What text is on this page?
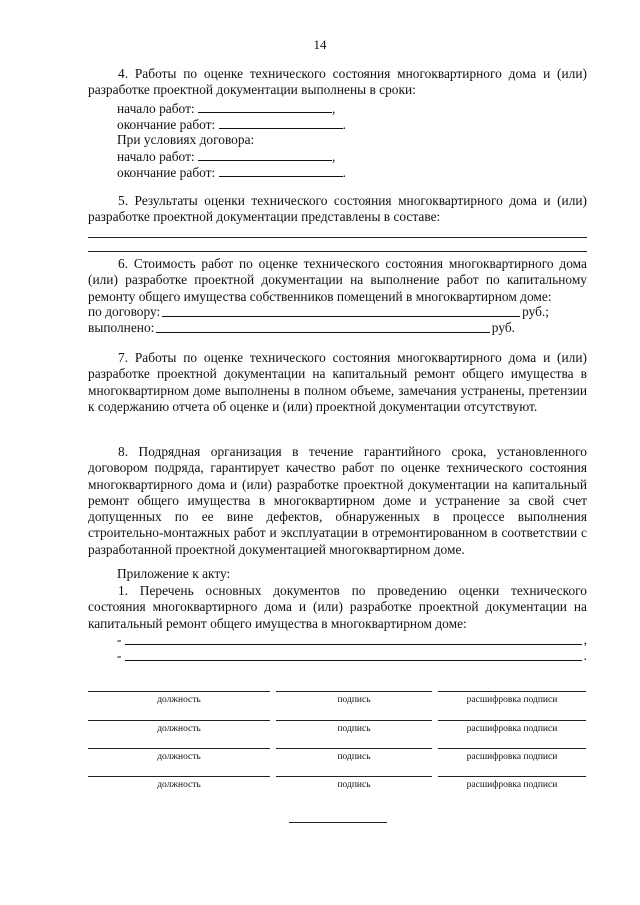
14

4. Работы по оценке технического состояния многоквартирного дома и (или) разработке проектной документации выполнены в сроки:

начало работ:	,
окончание работ:	.
При условиях договора:
начало работ:	,
окончание работ:	.

5. Результаты оценки технического состояния многоквартирного дома и (или) разработке проектной документации представлены в составе:

6. Стоимость работ по оценке технического состояния многоквартирного дома (или) разработке проектной документации на выполнение работ по капитальному ремонту общего имущества собственников помещений в многоквартирном доме:

по договору:	руб.;
выполнено:	руб.

7. Работы по оценке технического состояния многоквартирного дома и (или) разработке проектной документации на капитальный ремонт общего имущества в многоквартирном доме выполнены в полном объеме, замечания устранены, претензии к содержанию отчета об оценке и (или) проектной документации отсутствуют.

8. Подрядная организация в течение гарантийного срока, установленного договором подряда, гарантирует качество работ по оценке технического состояния многоквартирного дома и (или) разработке проектной документации на капитальный ремонт общего имущества в многоквартирном доме и устранение за свой счет допущенных по ее вине дефектов, обнаруженных в процессе выполнения строительно-монтажных работ и эксплуатации в отремонтированном в соответствии с разработанной проектной документацией многоквартирном доме.

Приложение к акту:

1. Перечень основных документов по проведению оценки технического состояния многоквартирного дома и (или) разработке проектной документации на капитальный ремонт общего имущества в многоквартирном доме:

-	,
-	.
должность	подпись	расшифровка подписи
должность	подпись	расшифровка подписи
должность	подпись	расшифровка подписи
должность	подпись	расшифровка подписи
